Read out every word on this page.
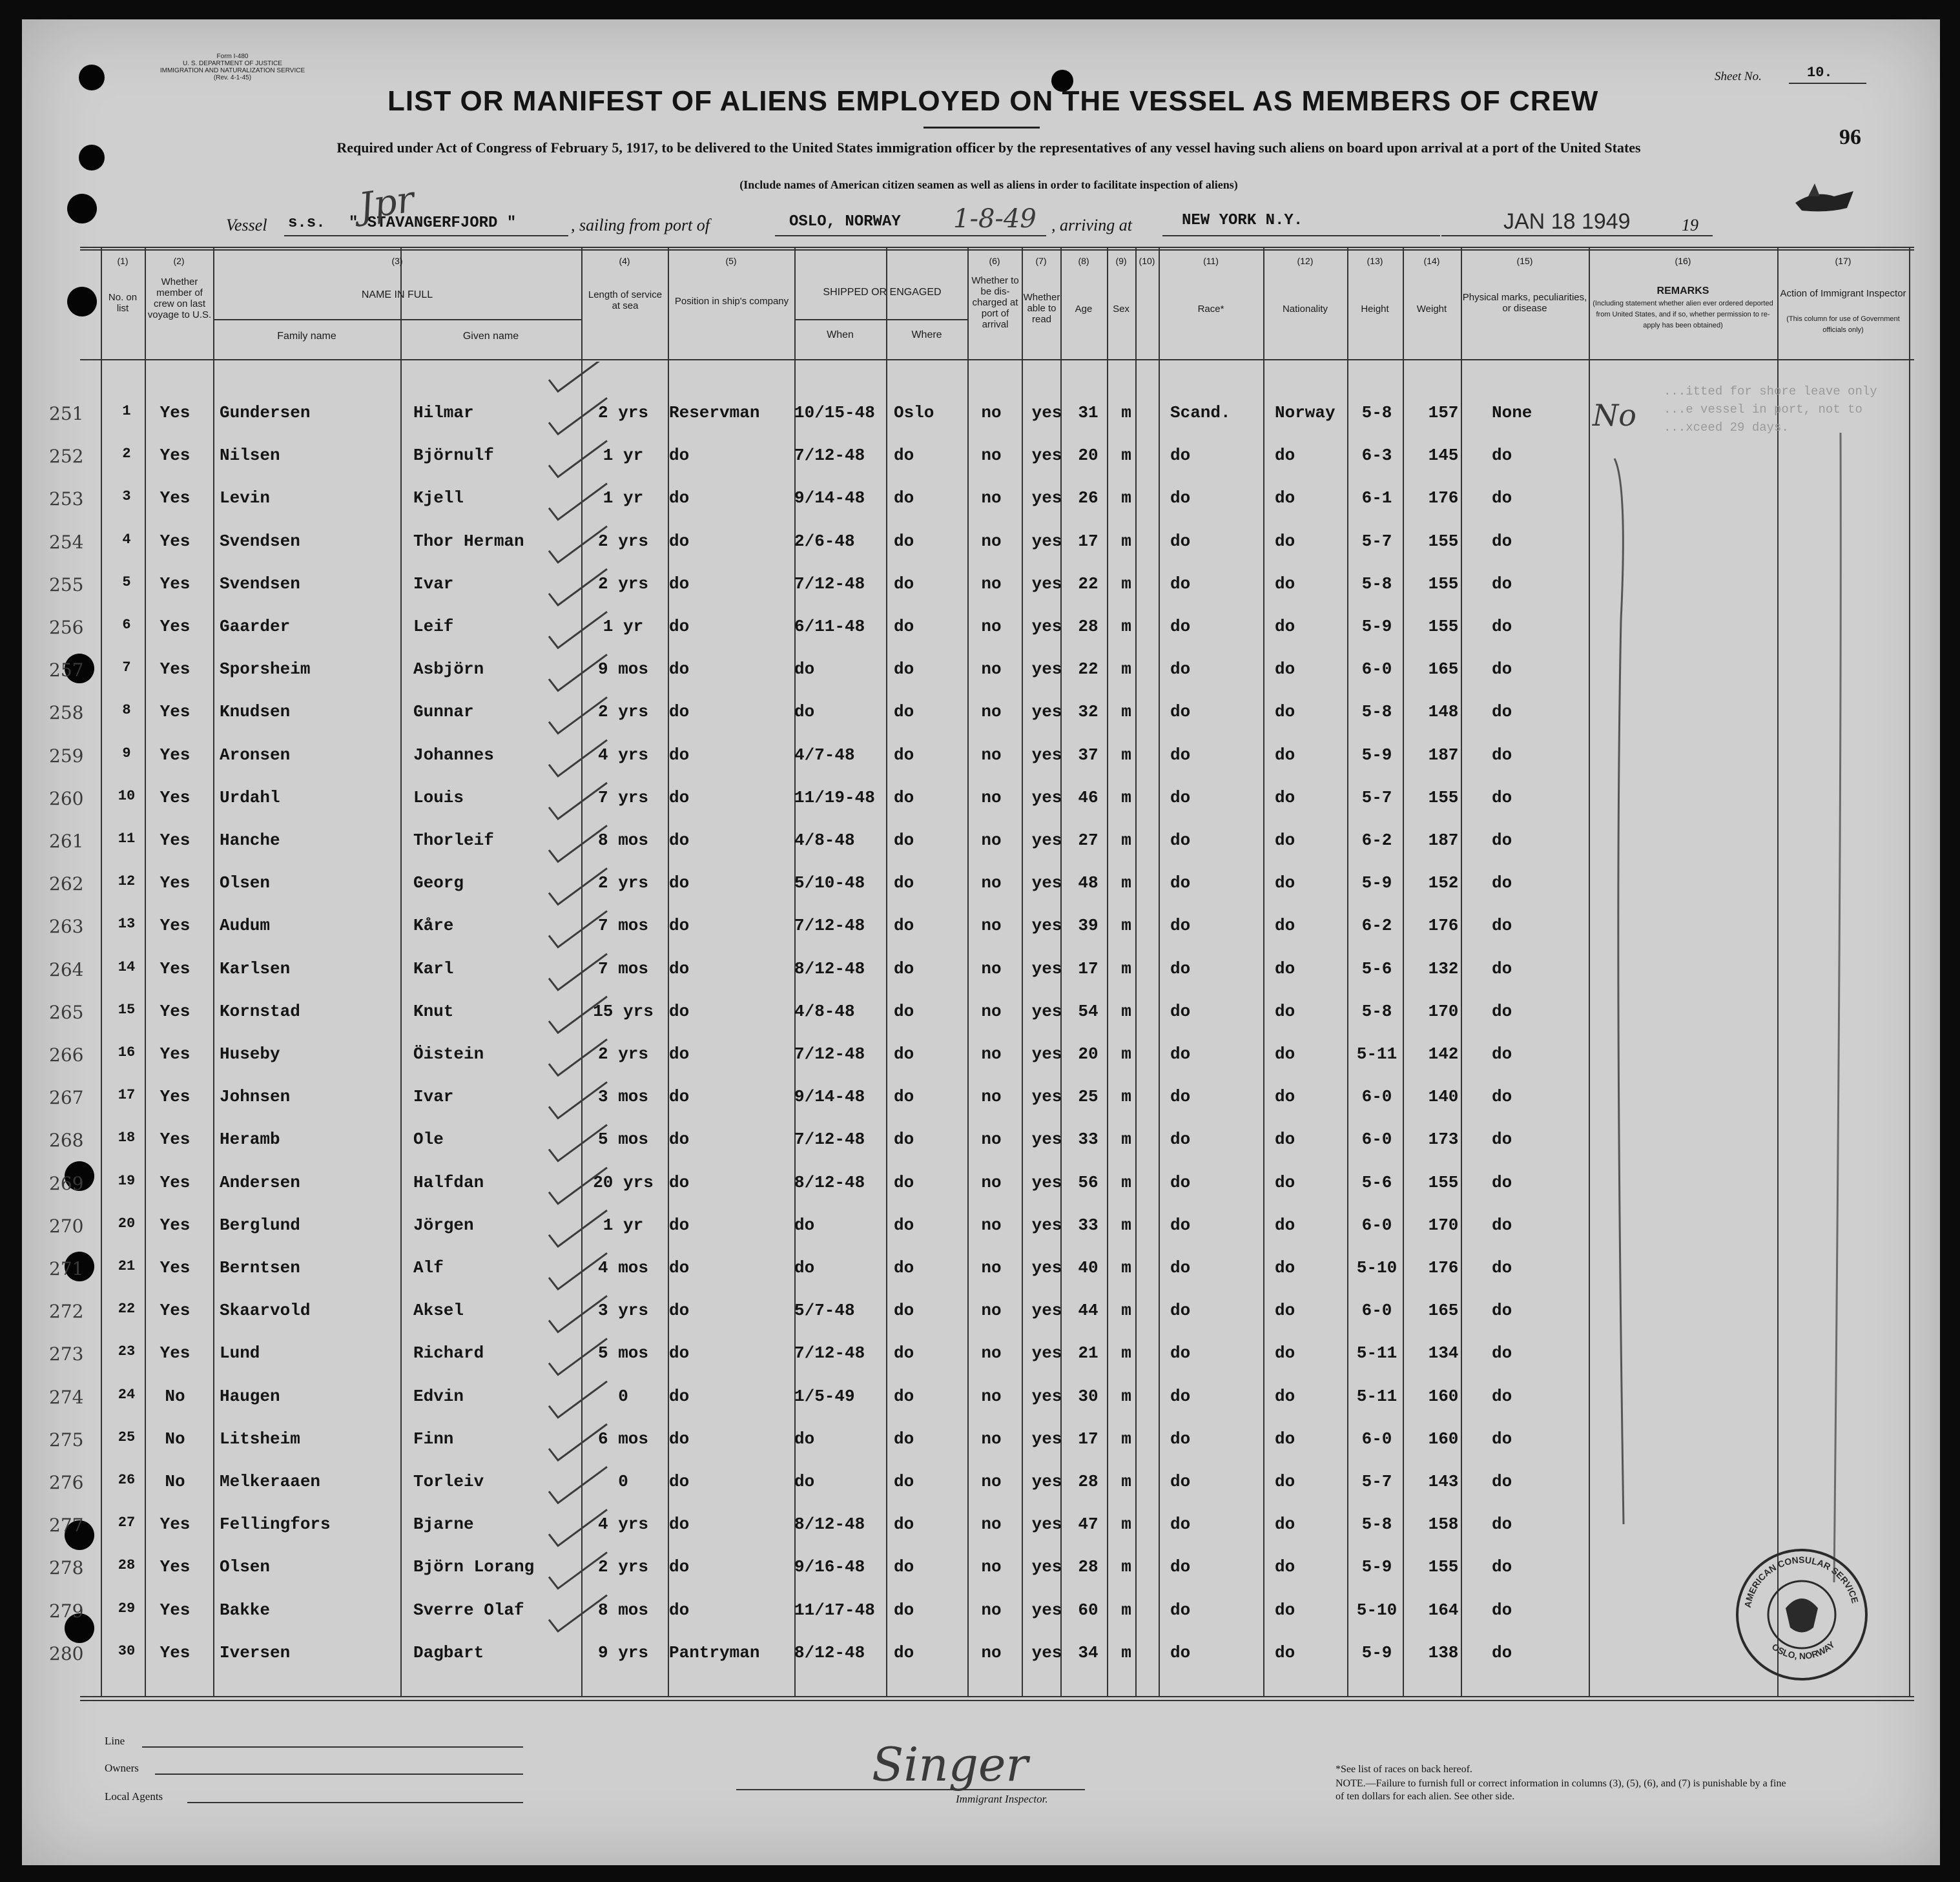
Form I-480
U. S. DEPARTMENT OF JUSTICE
IMMIGRATION AND NATURALIZATION SERVICE
(Rev. 4-1-45)
LIST OR MANIFEST OF ALIENS EMPLOYED ON THE VESSEL AS MEMBERS OF CREW
Sheet No.	10.
96
Required under Act of Congress of February 5, 1917, to be delivered to the United States immigration officer by the representatives of any vessel having such aliens on board upon arrival at a port of the United States
(Include names of American citizen seamen as well as aliens in order to facilitate inspection of aliens)
Vessel s.s. " STAVANGERFJORD "	, sailing from port of	OSLO, NORWAY 1-8-49 , arriving at	NEW YORK N.Y.	JAN 18 1949	19
Jpr
(1)	(2)	(3)	(4)	(5)	(6)	(7)	(8)	(9)	(10)	(11)	(12)	(13)	(14)	(15)	(16)	(17)
No. on list
Whether member of crew on last voyage to U.S.
NAME IN FULL
Family name	Given name
Length of service at sea	Position in ship's company
SHIPPED OR ENGAGED
When	Where
Whether to be dis-charged at port of arrival
Whether able to read
Age	Sex	Race*	Nationality	Height	Weight
Physical marks, peculiarities, or disease
REMARKS
(Including statement whether alien ever ordered deported from United States, and if so, whether permission to re-apply has been obtained)
Action of Immigrant Inspector
(This column for use of Government officials only)
251	1	Yes	Gundersen	Hilmar	2 yrs	Reservman	10/15-48	Oslo	no	yes 31	m	Scand.	Norway	5-8	157	None
252	2	Yes	Nilsen	Björnulf	1 yr	do	7/12-48	do	no	yes 20	m	do	do	6-3	145	do
253	3	Yes	Levin	Kjell	1 yr	do	9/14-48	do	no	yes 26	m	do	do	6-1	176	do
254	4	Yes	Svendsen	Thor Herman	2 yrs	do	2/6-48	do	no	yes 17	m	do	do	5-7	155	do
255	5	Yes	Svendsen	Ivar	2 yrs	do	7/12-48	do	no	yes 22	m	do	do	5-8	155	do
256	6	Yes	Gaarder	Leif	1 yr	do	6/11-48	do	no	yes 28	m	do	do	5-9	155	do
257	7	Yes	Sporsheim	Asbjörn	9 mos	do	do	do	no	yes 22	m	do	do	6-0	165	do
258	8	Yes	Knudsen	Gunnar	2 yrs	do	do	do	no	yes 32	m	do	do	5-8	148	do
259	9	Yes	Aronsen	Johannes	4 yrs	do	4/7-48	do	no	yes 37	m	do	do	5-9	187	do
260	10	Yes	Urdahl	Louis	7 yrs	do	11/19-48	do	no	yes 46	m	do	do	5-7	155	do
261	11	Yes	Hanche	Thorleif	8 mos	do	4/8-48	do	no	yes 27	m	do	do	6-2	187	do
262	12	Yes	Olsen	Georg	2 yrs	do	5/10-48	do	no	yes 48	m	do	do	5-9	152	do
263	13	Yes	Audum	Kåre	7 mos	do	7/12-48	do	no	yes 39	m	do	do	6-2	176	do
264	14	Yes	Karlsen	Karl	7 mos	do	8/12-48	do	no	yes 17	m	do	do	5-6	132	do
265	15	Yes	Kornstad	Knut	15 yrs do	4/8-48	do	no	yes 54	m	do	do	5-8	170	do
266	16	Yes	Huseby	Öistein	2 yrs	do	7/12-48	do	no	yes 20	m	do	do	5-11	142	do
267	17	Yes	Johnsen	Ivar	3 mos	do	9/14-48	do	no	yes 25	m	do	do	6-0	140	do
268	18	Yes	Heramb	Ole	5 mos	do	7/12-48	do	no	yes 33	m	do	do	6-0	173	do
269	19	Yes	Andersen	Halfdan	20 yrs do	8/12-48	do	no	yes 56	m	do	do	5-6	155	do
270	20	Yes	Berglund	Jörgen	1 yr	do	do	do	no	yes 33	m	do	do	6-0	170	do
271	21	Yes	Berntsen	Alf	4 mos	do	do	do	no	yes 40	m	do	do	5-10	176	do
272	22	Yes	Skaarvold	Aksel	3 yrs	do	5/7-48	do	no	yes 44	m	do	do	6-0	165	do
273	23	Yes	Lund	Richard	5 mos	do	7/12-48	do	no	yes 21	m	do	do	5-11	134	do
274	24	No	Haugen	Edvin	0	do	1/5-49	do	no	yes 30	m	do	do	5-11	160	do
275	25	No	Litsheim	Finn	6 mos	do	do	do	no	yes 17	m	do	do	6-0	160	do
276	26	No	Melkeraaen	Torleiv	0	do	do	do	no	yes 28	m	do	do	5-7	143	do
277	27	Yes	Fellingfors	Bjarne	4 yrs	do	8/12-48	do	no	yes 47	m	do	do	5-8	158	do
278	28	Yes	Olsen	Björn Lorang	2 yrs	do	9/16-48	do	no	yes 28	m	do	do	5-9	155	do
279	29	Yes	Bakke	Sverre Olaf	8 mos	do	11/17-48	do	no	yes 60	m	do	do	5-10	164	do
280	30	Yes	Iversen	Dagbart	9 yrs	Pantryman	8/12-48	do	no	yes 34	m	do	do	5-9	138	do
No
...itted for shore leave only ...e vessel in port, not to ...xceed 29 days.
AMERICAN CONSULAR SERVICE
OSLO, NORWAY
Line
Owners
Local Agents
Singer
Immigrant Inspector.
*See list of races on back hereof.
NOTE.—Failure to furnish full or correct information in columns (3), (5), (6), and (7) is punishable by a fine of ten dollars for each alien. See other side.
